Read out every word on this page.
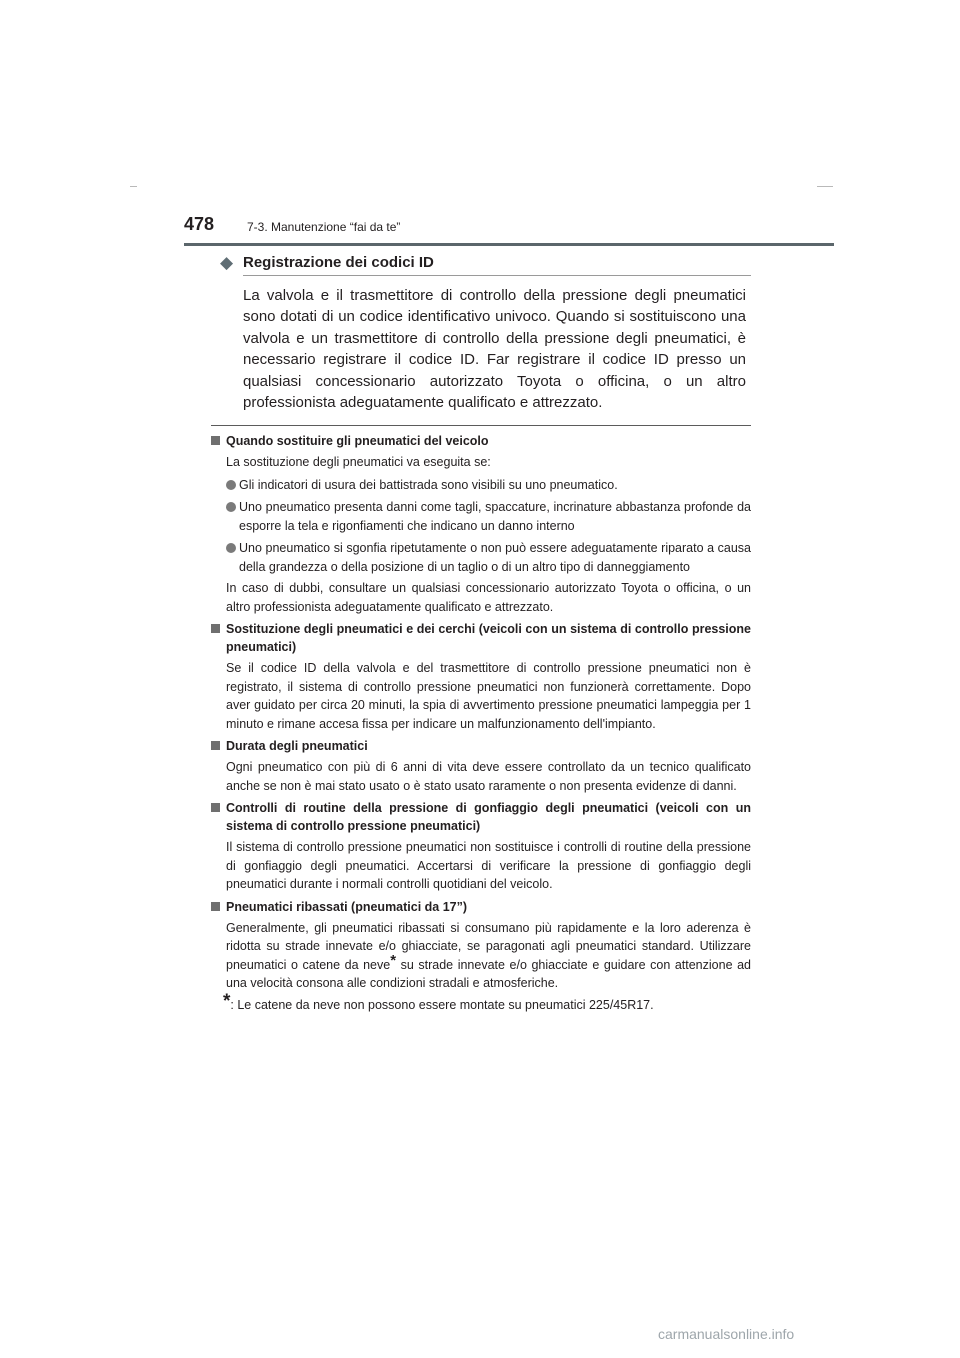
478	7-3. Manutenzione “fai da te”
◆ Registrazione dei codici ID
La valvola e il trasmettitore di controllo della pressione degli pneumatici sono dotati di un codice identificativo univoco. Quando si sostituiscono una valvola e un trasmettitore di controllo della pressione degli pneumatici, è necessario registrare il codice ID. Far registrare il codice ID presso un qualsiasi concessionario autorizzato Toyota o officina, o un altro professionista adeguatamente qualificato e attrezzato.
Quando sostituire gli pneumatici del veicolo
La sostituzione degli pneumatici va eseguita se:
Gli indicatori di usura dei battistrada sono visibili su uno pneumatico.
Uno pneumatico presenta danni come tagli, spaccature, incrinature abbastanza profonde da esporre la tela e rigonfiamenti che indicano un danno interno
Uno pneumatico si sgonfia ripetutamente o non può essere adeguatamente riparato a causa della grandezza o della posizione di un taglio o di un altro tipo di danneggiamento
In caso di dubbi, consultare un qualsiasi concessionario autorizzato Toyota o officina, o un altro professionista adeguatamente qualificato e attrezzato.
Sostituzione degli pneumatici e dei cerchi (veicoli con un sistema di controllo pressione pneumatici)
Se il codice ID della valvola e del trasmettitore di controllo pressione pneumatici non è registrato, il sistema di controllo pressione pneumatici non funzionerà correttamente. Dopo aver guidato per circa 20 minuti, la spia di avvertimento pressione pneumatici lampeggia per 1 minuto e rimane accesa fissa per indicare un malfunzionamento dell'impianto.
Durata degli pneumatici
Ogni pneumatico con più di 6 anni di vita deve essere controllato da un tecnico qualificato anche se non è mai stato usato o è stato usato raramente o non presenta evidenze di danni.
Controlli di routine della pressione di gonfiaggio degli pneumatici (veicoli con un sistema di controllo pressione pneumatici)
Il sistema di controllo pressione pneumatici non sostituisce i controlli di routine della pressione di gonfiaggio degli pneumatici. Accertarsi di verificare la pressione di gonfiaggio degli pneumatici durante i normali controlli quotidiani del veicolo.
Pneumatici ribassati (pneumatici da 17”)
Generalmente, gli pneumatici ribassati si consumano più rapidamente e la loro aderenza è ridotta su strade innevate e/o ghiacciate, se paragonati agli pneumatici standard. Utilizzare pneumatici o catene da neve* su strade innevate e/o ghiacciate e guidare con attenzione ad una velocità consona alle condizioni stradali e atmosferiche.
*: Le catene da neve non possono essere montate su pneumatici 225/45R17.
carmanualsonline.info
